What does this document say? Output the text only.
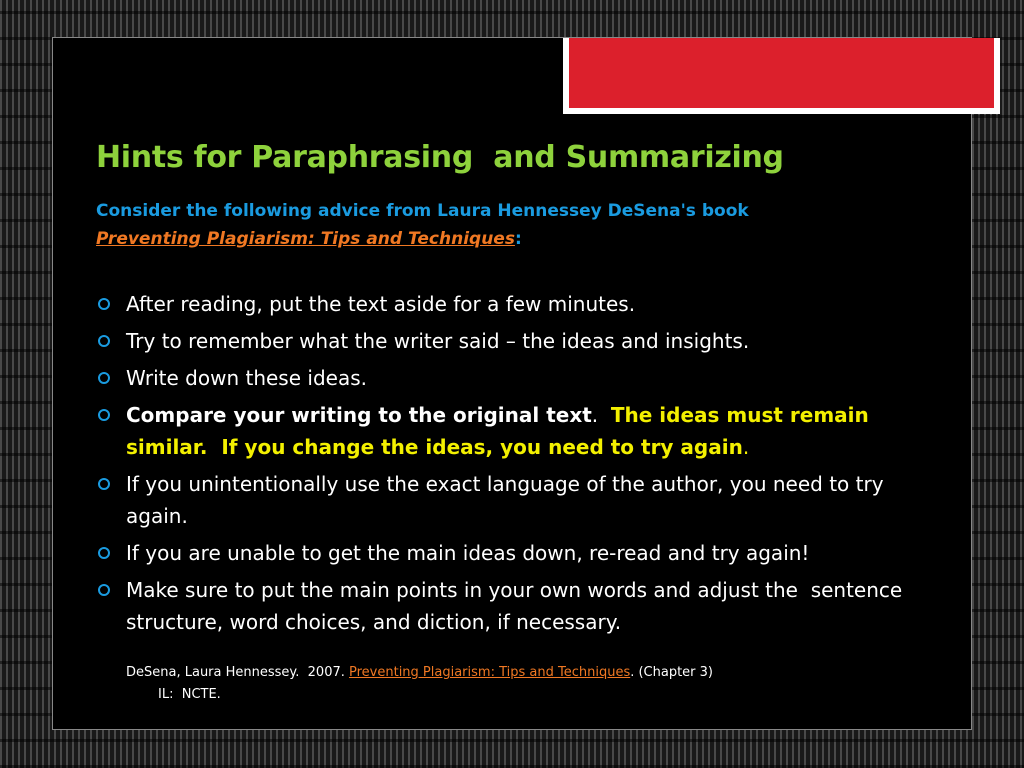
Hints for Paraphrasing  and Summarizing

Consider the following advice from Laura Hennessey DeSena's book
Preventing Plagiarism: Tips and Techniques:

After reading, put the text aside for a few minutes.
Try to remember what the writer said – the ideas and insights.
Write down these ideas.
Compare your writing to the original text.  The ideas must remain similar.  If you change the ideas, you need to try again.
If you unintentionally use the exact language of the author, you need to try again.
If you are unable to get the main ideas down, re-read and try again!
Make sure to put the main points in your own words and adjust the  sentence structure, word choices, and diction, if necessary.
DeSena, Laura Hennessey.  2007. Preventing Plagiarism: Tips and Techniques. (Chapter 3)
IL:  NCTE.
